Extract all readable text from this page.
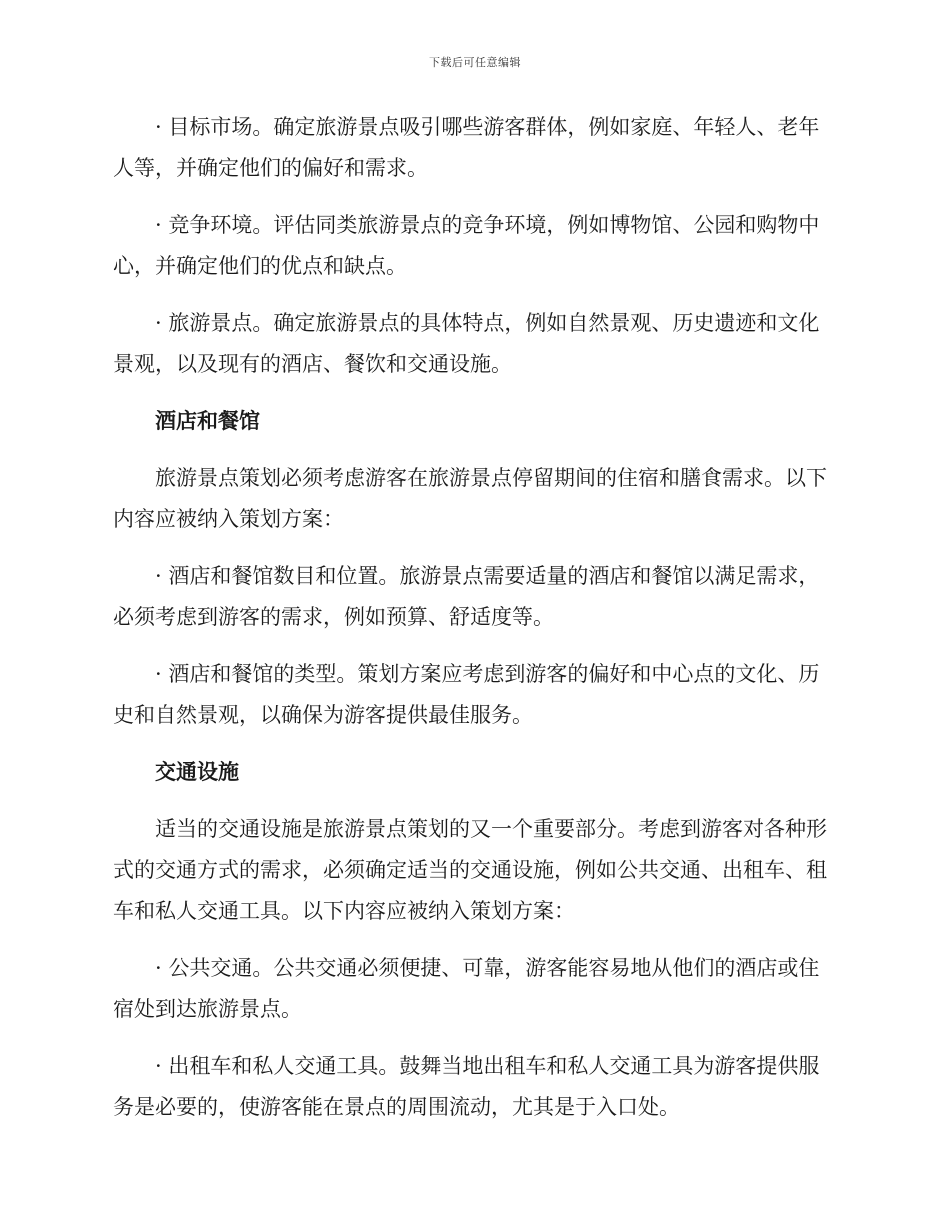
下载后可任意编辑

· 目标市场。确定旅游景点吸引哪些游客群体，例如家庭、年轻人、老年人等，并确定他们的偏好和需求。

· 竞争环境。评估同类旅游景点的竞争环境，例如博物馆、公园和购物中心，并确定他们的优点和缺点。

· 旅游景点。确定旅游景点的具体特点，例如自然景观、历史遗迹和文化景观，以及现有的酒店、餐饮和交通设施。

酒店和餐馆

旅游景点策划必须考虑游客在旅游景点停留期间的住宿和膳食需求。以下内容应被纳入策划方案：

· 酒店和餐馆数目和位置。旅游景点需要适量的酒店和餐馆以满足需求，必须考虑到游客的需求，例如预算、舒适度等。

· 酒店和餐馆的类型。策划方案应考虑到游客的偏好和中心点的文化、历史和自然景观，以确保为游客提供最佳服务。

交通设施

适当的交通设施是旅游景点策划的又一个重要部分。考虑到游客对各种形式的交通方式的需求，必须确定适当的交通设施，例如公共交通、出租车、租车和私人交通工具。以下内容应被纳入策划方案：

· 公共交通。公共交通必须便捷、可靠，游客能容易地从他们的酒店或住宿处到达旅游景点。

· 出租车和私人交通工具。鼓舞当地出租车和私人交通工具为游客提供服务是必要的，使游客能在景点的周围流动，尤其是于入口处。
